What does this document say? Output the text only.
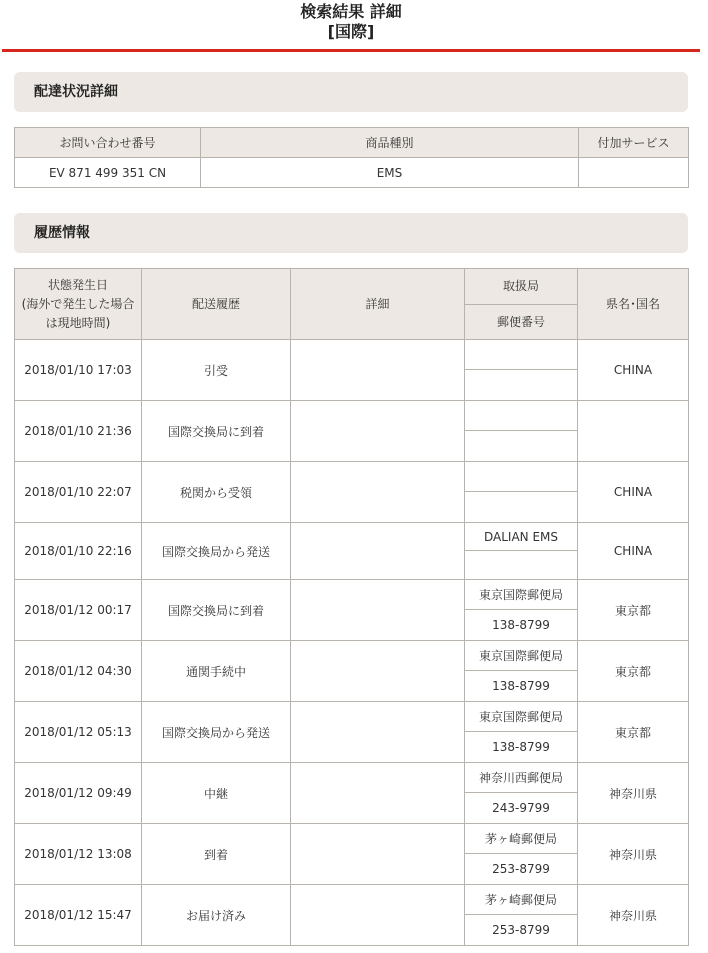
検索結果 詳細
[国際]
配達状況詳細
お問い合わせ番号	商品種別	付加サービス
EV 871 499 351 CN	EMS	
履歴情報
状態発生日
(海外で発生した場合は現地時間)	配送履歴	詳細	取扱局	県名･国名
			郵便番号	
2018/01/10 17:03	引受			CHINA

2018/01/10 21:36	国際交換局に到着			

2018/01/10 22:07	税関から受領			CHINA

2018/01/10 22:16	国際交換局から発送		DALIAN EMS	CHINA

2018/01/12 00:17	国際交換局に到着		東京国際郵便局	東京都
			138-8799	
2018/01/12 04:30	通関手続中		東京国際郵便局	東京都
			138-8799	
2018/01/12 05:13	国際交換局から発送		東京国際郵便局	東京都
			138-8799	
2018/01/12 09:49	中継		神奈川西郵便局	神奈川県
			243-9799	
2018/01/12 13:08	到着		茅ヶ崎郵便局	神奈川県
			253-8799	
2018/01/12 15:47	お届け済み		茅ヶ崎郵便局	神奈川県
			253-8799	
